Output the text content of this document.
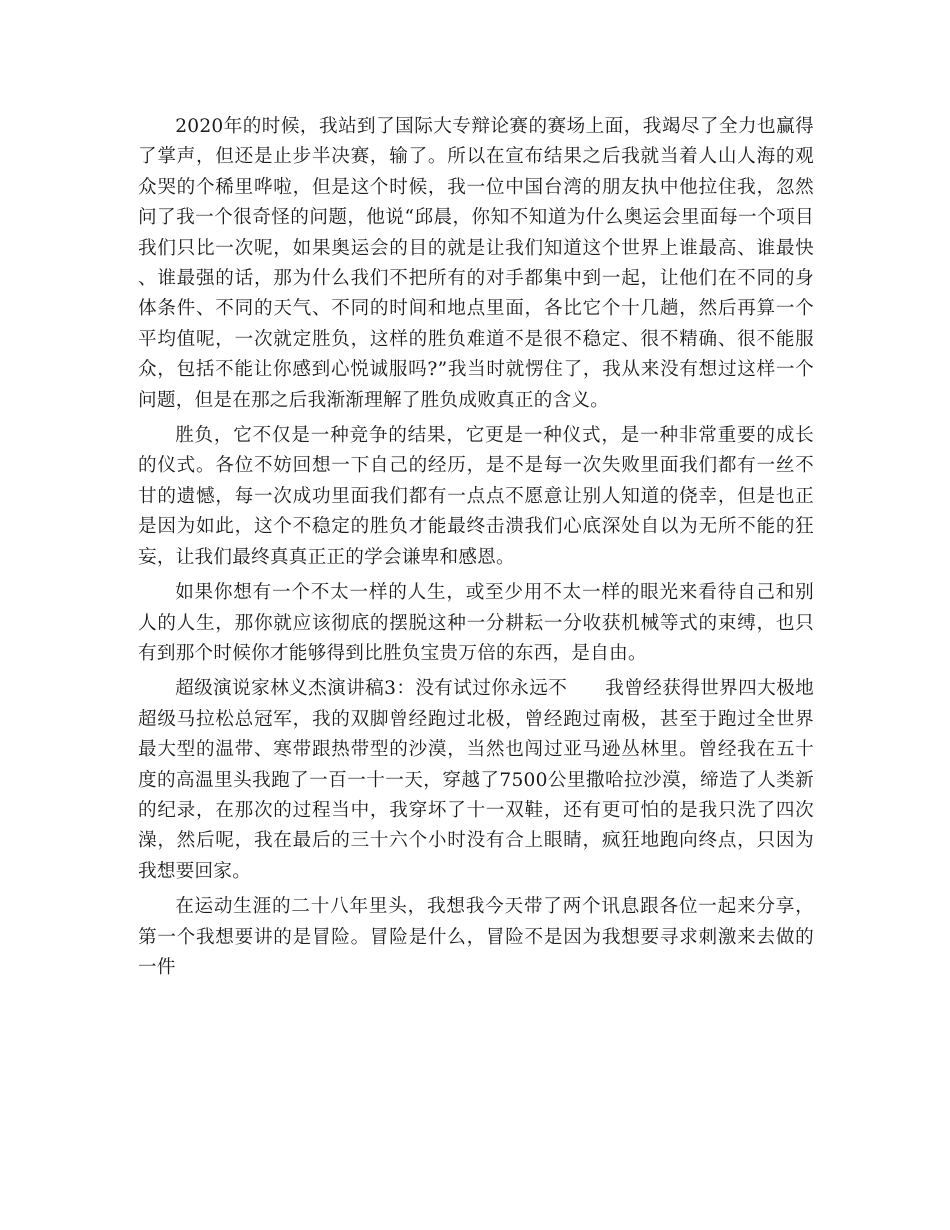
2020年的时候，我站到了国际大专辩论赛的赛场上面，我竭尽了全力也赢得了掌声，但还是止步半决赛，输了。所以在宣布结果之后我就当着人山人海的观众哭的个稀里哗啦，但是这个时候，我一位中国台湾的朋友执中他拉住我，忽然问了我一个很奇怪的问题，他说“邱晨，你知不知道为什么奥运会里面每一个项目我们只比一次呢，如果奥运会的目的就是让我们知道这个世界上谁最高、谁最快、谁最强的话，那为什么我们不把所有的对手都集中到一起，让他们在不同的身体条件、不同的天气、不同的时间和地点里面，各比它个十几趟，然后再算一个平均值呢，一次就定胜负，这样的胜负难道不是很不稳定、很不精确、很不能服众，包括不能让你感到心悦诚服吗?”我当时就愣住了，我从来没有想过这样一个问题，但是在那之后我渐渐理解了胜负成败真正的含义。

胜负，它不仅是一种竞争的结果，它更是一种仪式，是一种非常重要的成长的仪式。各位不妨回想一下自己的经历，是不是每一次失败里面我们都有一丝不甘的遗憾，每一次成功里面我们都有一点点不愿意让别人知道的侥幸，但是也正是因为如此，这个不稳定的胜负才能最终击溃我们心底深处自以为无所不能的狂妄，让我们最终真真正正的学会谦卑和感恩。

如果你想有一个不太一样的人生，或至少用不太一样的眼光来看待自己和别人的人生，那你就应该彻底的摆脱这种一分耕耘一分收获机械等式的束缚，也只有到那个时候你才能够得到比胜负宝贵万倍的东西，是自由。

超级演说家林义杰演讲稿3：没有试过你永远不　　我曾经获得世界四大极地超级马拉松总冠军，我的双脚曾经跑过北极，曾经跑过南极，甚至于跑过全世界最大型的温带、寒带跟热带型的沙漠，当然也闯过亚马逊丛林里。曾经我在五十度的高温里头我跑了一百一十一天，穿越了7500公里撒哈拉沙漠，缔造了人类新的纪录，在那次的过程当中，我穿坏了十一双鞋，还有更可怕的是我只洗了四次澡，然后呢，我在最后的三十六个小时没有合上眼睛，疯狂地跑向终点，只因为我想要回家。

在运动生涯的二十八年里头，我想我今天带了两个讯息跟各位一起来分享，第一个我想要讲的是冒险。冒险是什么，冒险不是因为我想要寻求刺激来去做的一件
